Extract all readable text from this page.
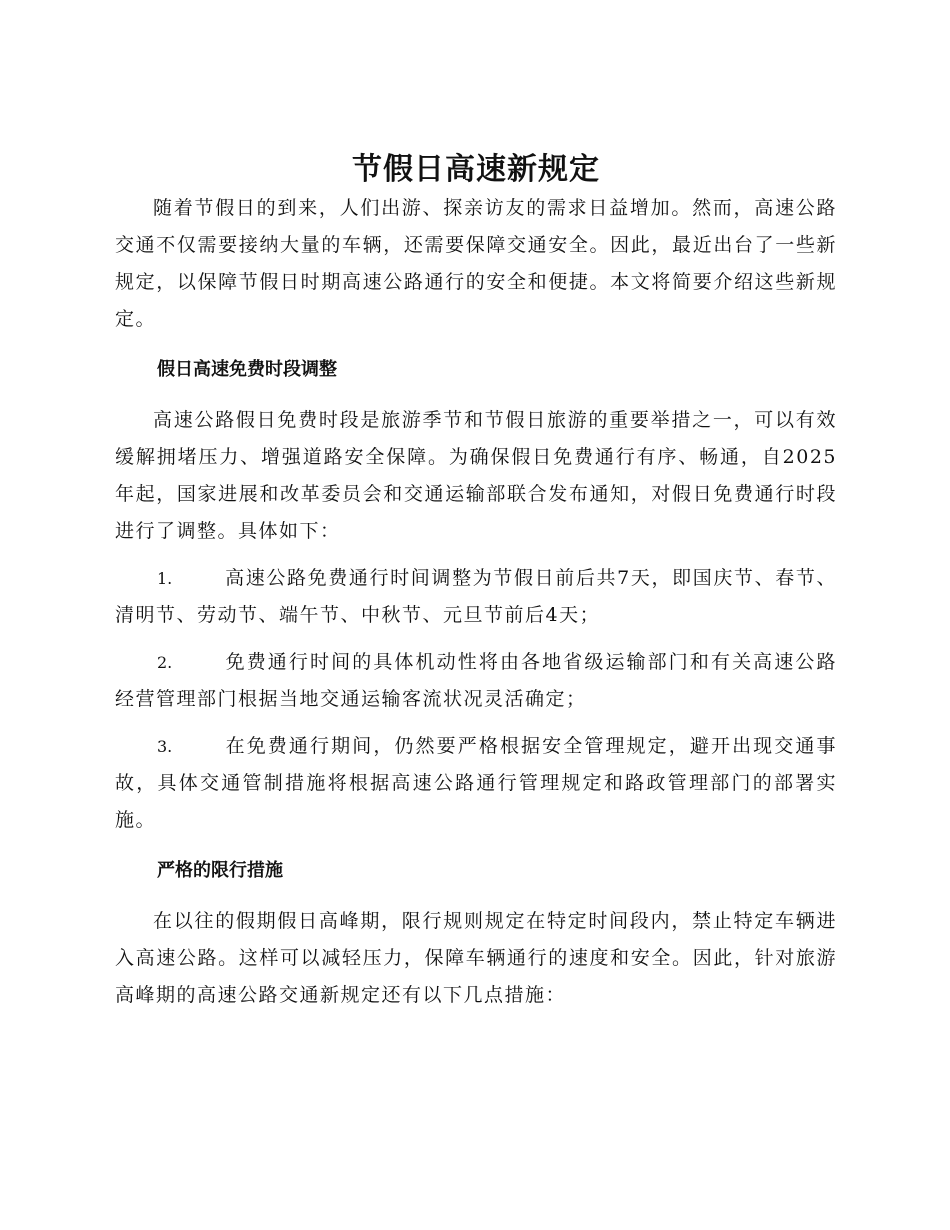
节假日高速新规定

随着节假日的到来，人们出游、探亲访友的需求日益增加。然而，高速公路交通不仅需要接纳大量的车辆，还需要保障交通安全。因此，最近出台了一些新规定，以保障节假日时期高速公路通行的安全和便捷。本文将简要介绍这些新规定。

假日高速免费时段调整

高速公路假日免费时段是旅游季节和节假日旅游的重要举措之一，可以有效缓解拥堵压力、增强道路安全保障。为确保假日免费通行有序、畅通，自2025年起，国家进展和改革委员会和交通运输部联合发布通知，对假日免费通行时段进行了调整。具体如下：

1.	高速公路免费通行时间调整为节假日前后共7天，即国庆节、春节、清明节、劳动节、端午节、中秋节、元旦节前后4天；

2.	免费通行时间的具体机动性将由各地省级运输部门和有关高速公路经营管理部门根据当地交通运输客流状况灵活确定；

3.	在免费通行期间，仍然要严格根据安全管理规定，避开出现交通事故，具体交通管制措施将根据高速公路通行管理规定和路政管理部门的部署实施。

严格的限行措施

在以往的假期假日高峰期，限行规则规定在特定时间段内，禁止特定车辆进入高速公路。这样可以减轻压力，保障车辆通行的速度和安全。因此，针对旅游高峰期的高速公路交通新规定还有以下几点措施：
